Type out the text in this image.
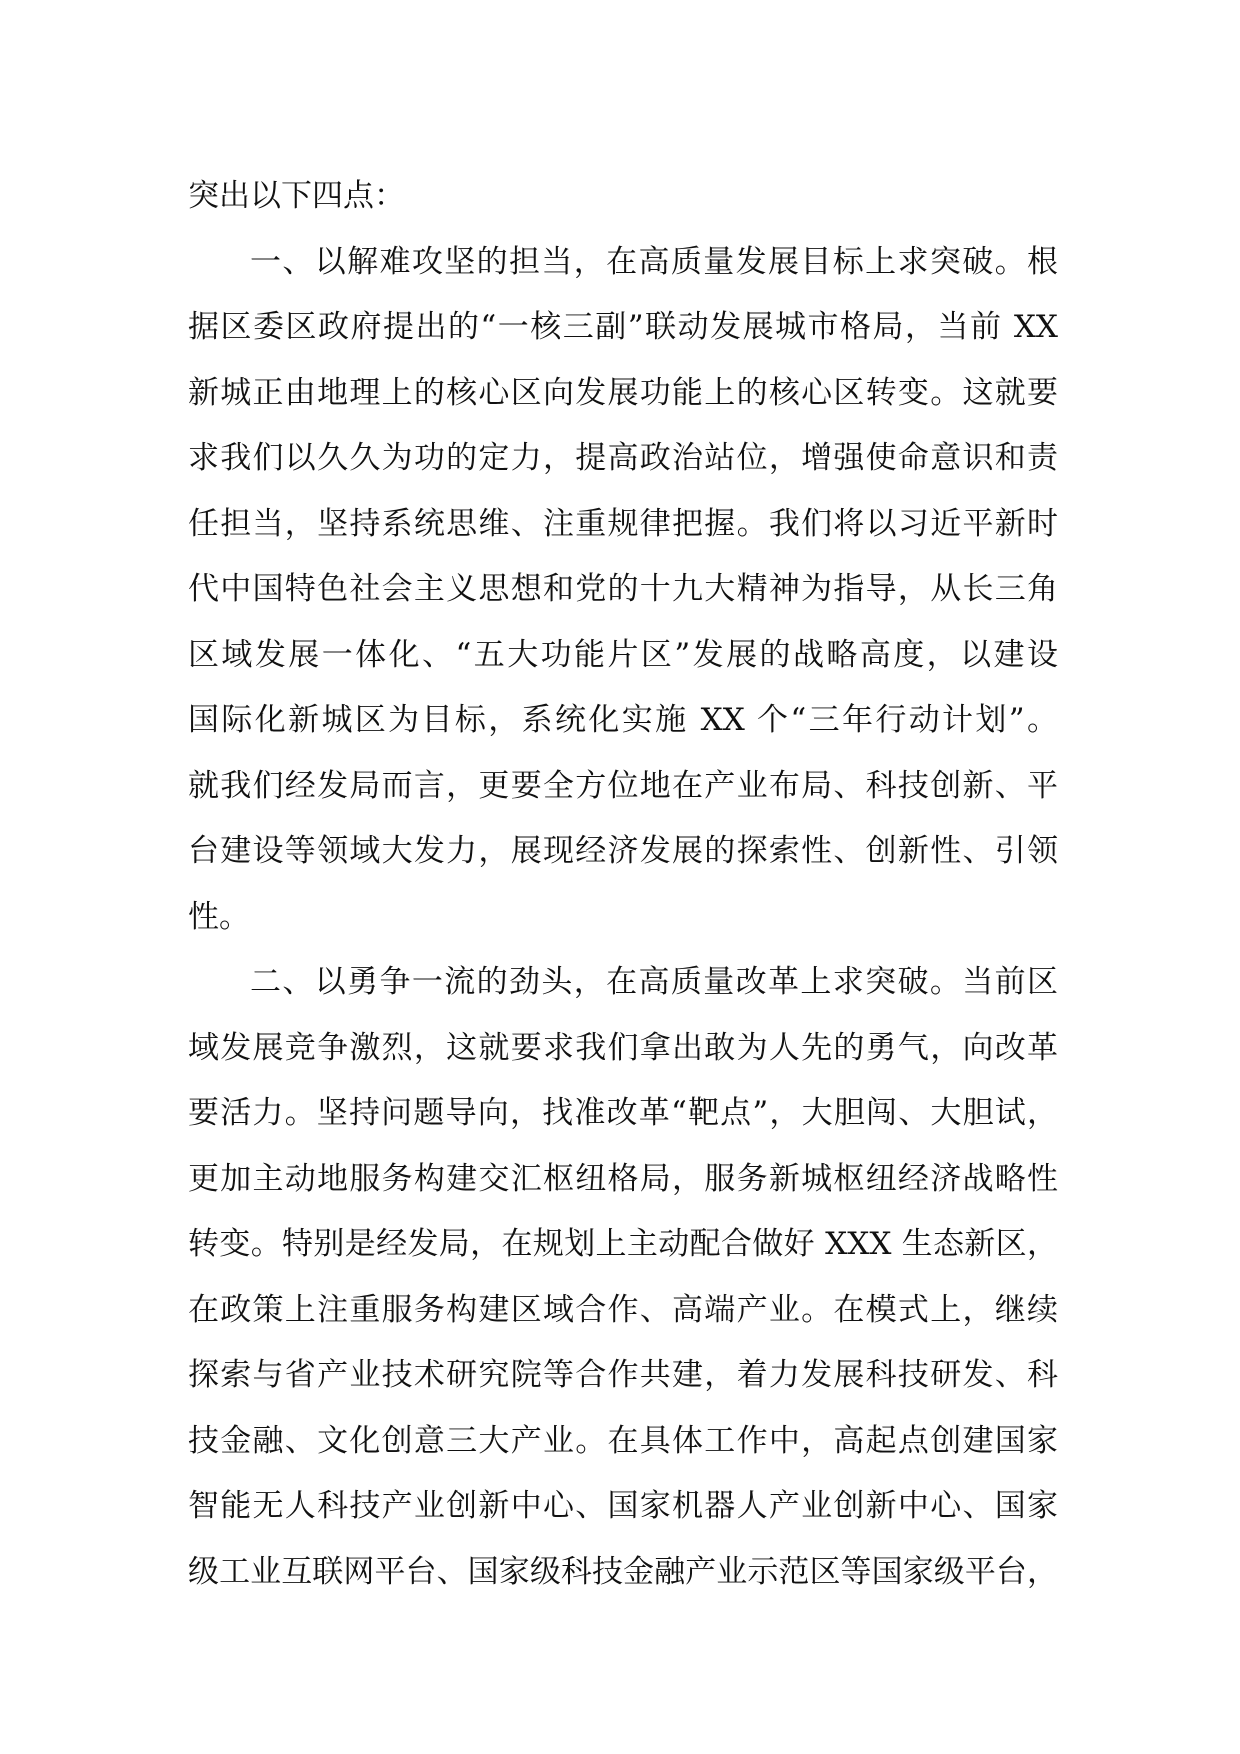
突出以下四点：
一、以解难攻坚的担当，在高质量发展目标上求突破。根
据区委区政府提出的“一核三副”联动发展城市格局，当前 XX
新城正由地理上的核心区向发展功能上的核心区转变。这就要
求我们以久久为功的定力，提高政治站位，增强使命意识和责
任担当，坚持系统思维、注重规律把握。我们将以习近平新时
代中国特色社会主义思想和党的十九大精神为指导，从长三角
区域发展一体化、“五大功能片区”发展的战略高度，以建设
国际化新城区为目标，系统化实施 XX 个“三年行动计划”。
就我们经发局而言，更要全方位地在产业布局、科技创新、平
台建设等领域大发力，展现经济发展的探索性、创新性、引领
性。
二、以勇争一流的劲头，在高质量改革上求突破。当前区
域发展竞争激烈，这就要求我们拿出敢为人先的勇气，向改革
要活力。坚持问题导向，找准改革“靶点”，大胆闯、大胆试，
更加主动地服务构建交汇枢纽格局，服务新城枢纽经济战略性
转变。特别是经发局，在规划上主动配合做好 XXX 生态新区，
在政策上注重服务构建区域合作、高端产业。在模式上，继续
探索与省产业技术研究院等合作共建，着力发展科技研发、科
技金融、文化创意三大产业。在具体工作中，高起点创建国家
智能无人科技产业创新中心、国家机器人产业创新中心、国家
级工业互联网平台、国家级科技金融产业示范区等国家级平台，
